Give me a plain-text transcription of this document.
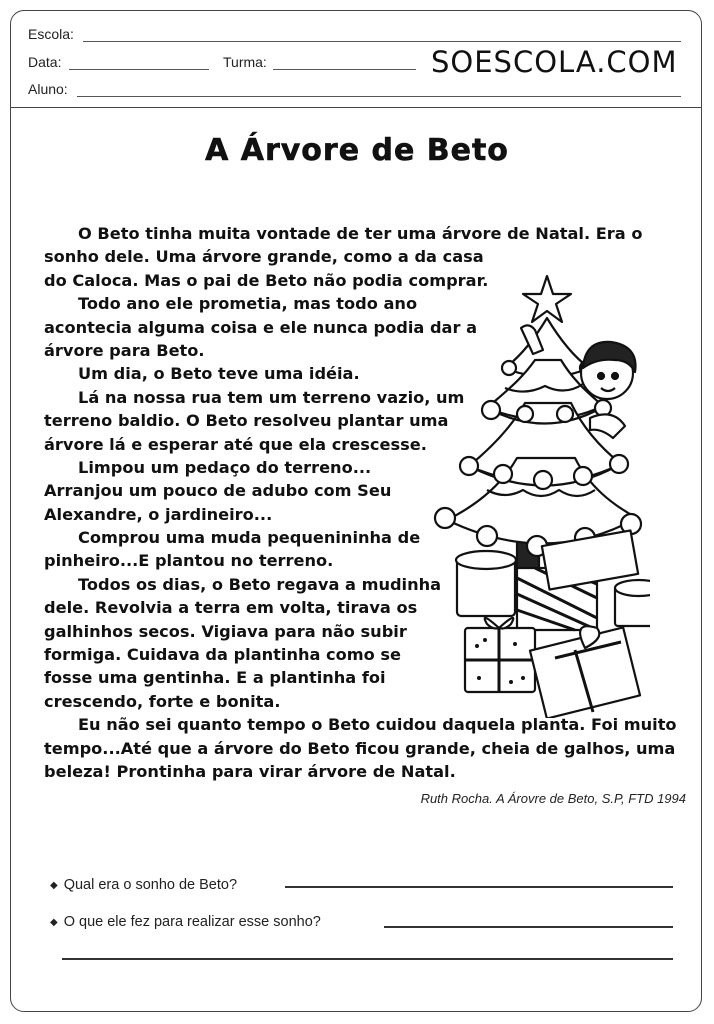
Escola:
Data:	Turma:	SOESCOLA.COM
Aluno:
A Árvore de Beto
O Beto tinha muita vontade de ter uma árvore de Natal. Era o
sonho dele. Uma árvore grande, como a da casa
do Caloca. Mas o pai de Beto não podia comprar.
Todo ano ele prometia, mas todo ano
acontecia alguma coisa e ele nunca podia dar a
árvore para Beto.
Um dia, o Beto teve uma idéia.
Lá na nossa rua tem um terreno vazio, um
terreno baldio. O Beto resolveu plantar uma
árvore lá e esperar até que ela crescesse.
Limpou um pedaço do terreno...
Arranjou um pouco de adubo com Seu
Alexandre, o jardineiro...
Comprou uma muda pequenininha de
pinheiro...E plantou no terreno.
Todos os dias, o Beto regava a mudinha
dele. Revolvia a terra em volta, tirava os
galhinhos secos. Vigiava para não subir
formiga. Cuidava da plantinha como se
fosse uma gentinha. E a plantinha foi
crescendo, forte e bonita.
Eu não sei quanto tempo o Beto cuidou daquela planta. Foi muito
tempo...Até que a árvore do Beto ficou grande, cheia de galhos, uma
beleza! Prontinha para virar árvore de Natal.
Ruth Rocha. A Árovre de Beto, S.P, FTD 1994
◆ Qual era o sonho de Beto?
◆ O que ele fez para realizar esse sonho?
